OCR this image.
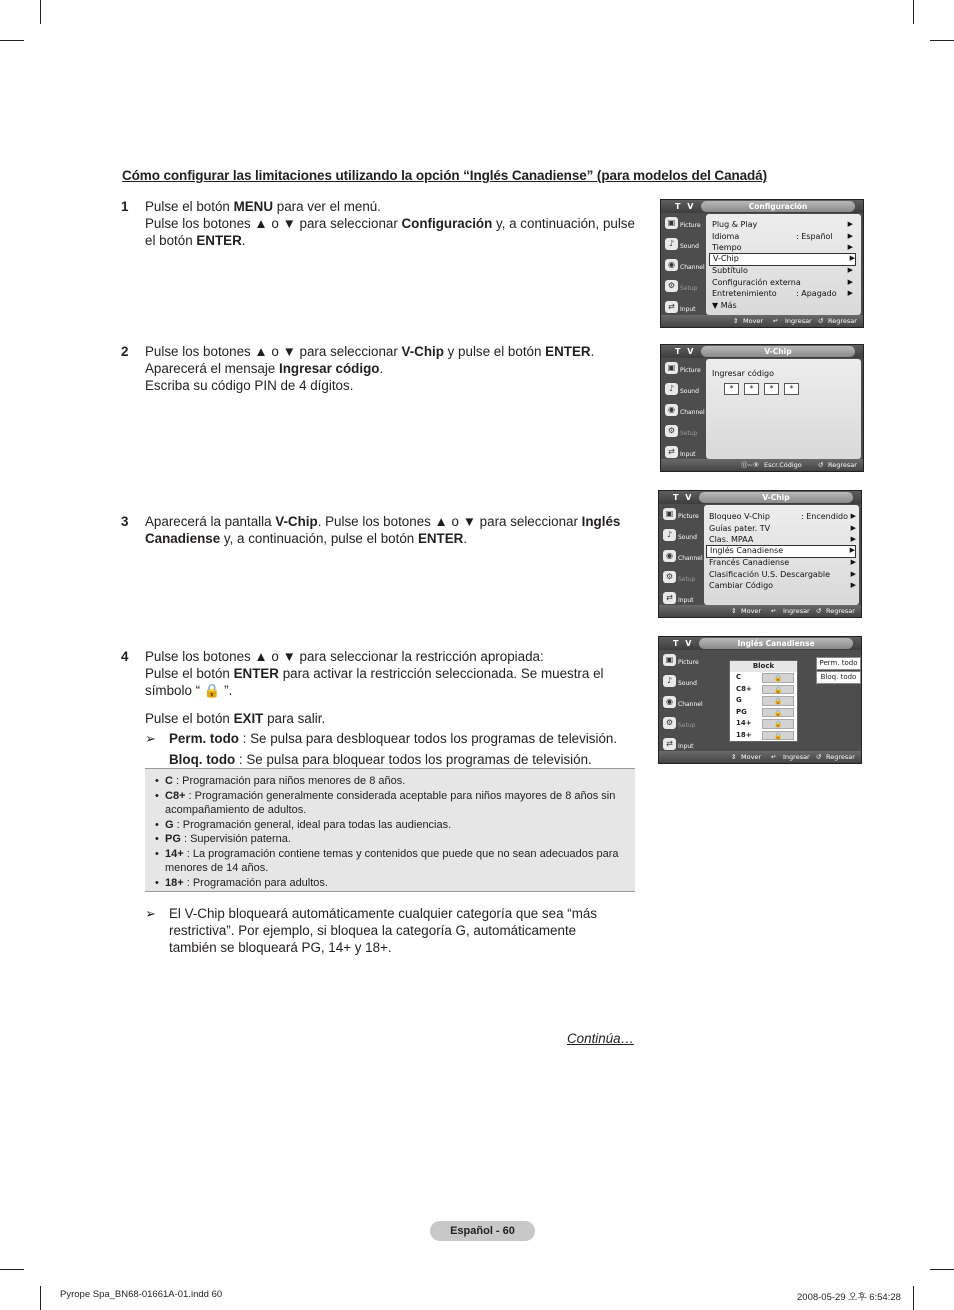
Cómo configurar las limitaciones utilizando la opción “Inglés Canadiense” (para modelos del Canadá)
1 Pulse el botón MENU para ver el menú.

Pulse los botones ▲ o ▼ para seleccionar Configuración y, a continuación, pulse el botón ENTER.

2 Pulse los botones ▲ o ▼ para seleccionar V-Chip y pulse el botón ENTER.

Aparecerá el mensaje Ingresar código.

Escriba su código PIN de 4 dígitos.

3 Aparecerá la pantalla V-Chip. Pulse los botones ▲ o ▼ para seleccionar Inglés Canadiense y, a continuación, pulse el botón ENTER.

4 Pulse los botones ▲ o ▼ para seleccionar la restricción apropiada:

Pulse el botón ENTER para activar la restricción seleccionada. Se muestra el símbolo “ 🔒 ”.

Pulse el botón EXIT para salir.

➢ Perm. todo : Se pulsa para desbloquear todos los programas de televisión.
Bloq. todo : Se pulsa para bloquear todos los programas de televisión.
• C : Programación para niños menores de 8 años.
• C8+ : Programación generalmente considerada aceptable para niños mayores de 8 años sin acompañamiento de adultos.
• G : Programación general, ideal para todas las audiencias.
• PG : Supervisión paterna.
• 14+ : La programación contiene temas y contenidos que puede que no sean adecuados para menores de 14 años.
• 18+ : Programación para adultos.
➢ El V-Chip bloqueará automáticamente cualquier categoría que sea “más restrictiva”. Por ejemplo, si bloquea la categoría G, automáticamente también se bloqueará PG, 14+ y 18+.
Continúa…
Español - 60
Pyrope Spa_BN68-01661A-01.indd 60	2008-05-29 오후 6:54:28
T V	Configuración
▣ Picture
♪ Sound
◉ Channel
⚙ Setup
⇄ Input
Plug & Play	▶
Idioma	: Español ▶
Tiempo	▶
V-Chip	▶
Subtítulo	▶
Configuración externa	▶
Entretenimiento : Apagado ▶
▼ Más
⇕ Mover ↵ Ingresar ↺ Regresar
T V	V-Chip
▣ Picture
♪ Sound
◉ Channel
⚙ Setup
⇄ Input
Ingresar código
*	*	*	*
⓪~⑨ Escr.Código ↺ Regresar
T V	V-Chip
▣ Picture
♪ Sound
◉ Channel
⚙ Setup
⇄ Input
Bloqueo V-Chip	: Encendido ▶
Guías pater. TV	▶
Clas. MPAA	▶
Inglés Canadiense	▶
Francés Canadiense	▶
Clasificación U.S. Descargable	▶
Cambiar Código	▶
⇕ Mover ↵ Ingresar ↺ Regresar
T V	Inglés Canadiense
▣ Picture
♪ Sound
◉ Channel
⚙ Setup
⇄ Input
Block
C	🔒
C8+	🔒
G	🔒
PG	🔒
14+	🔒
18+	🔒
Perm. todo
Bloq. todo
⇕ Mover ↵ Ingresar ↺ Regresar
